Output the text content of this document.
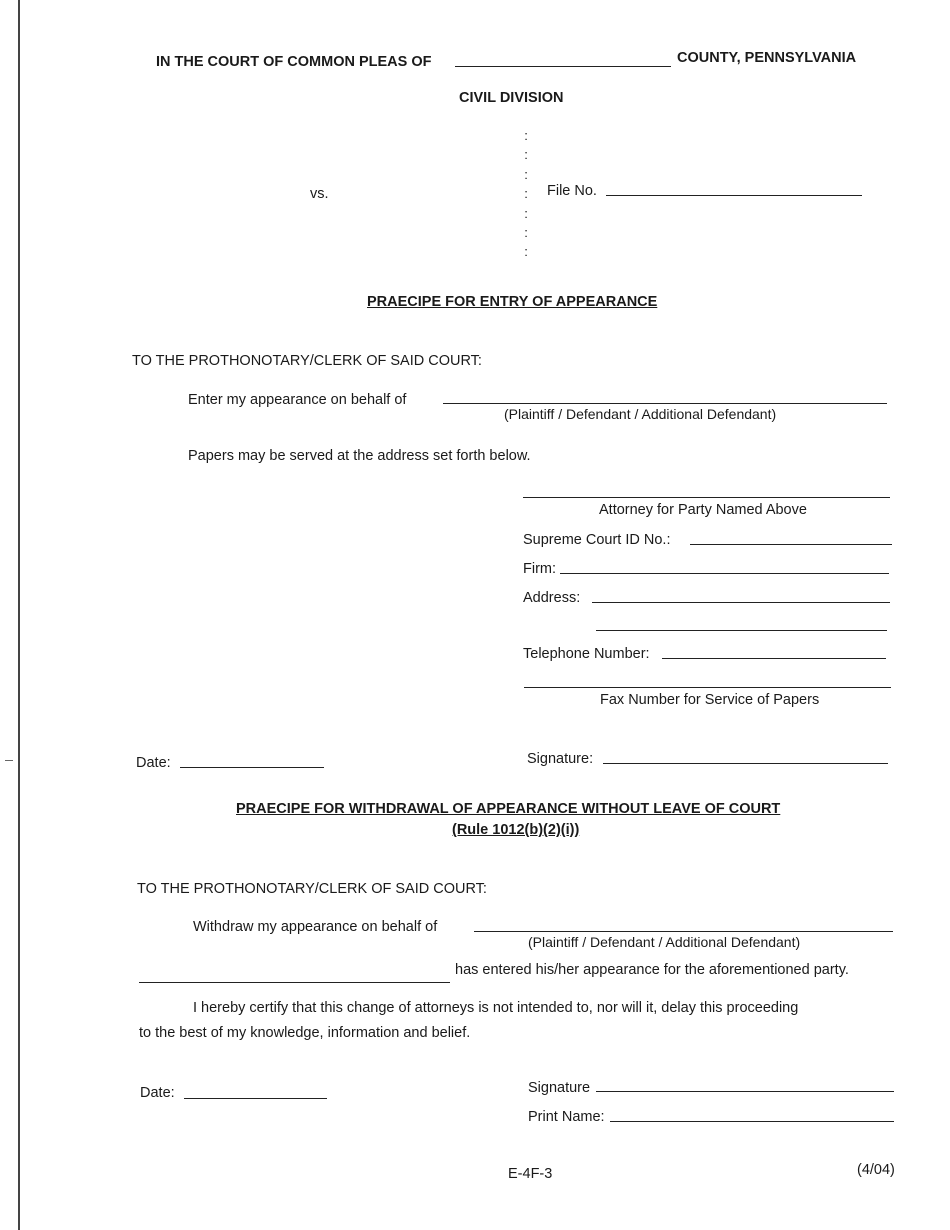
IN THE COURT OF COMMON PLEAS OF	COUNTY, PENNSYLVANIA
CIVIL DIVISION
:
:
:
:
:
:
:
vs.	File No.
PRAECIPE FOR ENTRY OF APPEARANCE
TO THE PROTHONOTARY/CLERK OF SAID COURT:
Enter my appearance on behalf of
(Plaintiff / Defendant / Additional Defendant)
Papers may be served at the address set forth below.
Attorney for Party Named Above
Supreme Court ID No.:
Firm:
Address:
Telephone Number:
Fax Number for Service of Papers
Date:	Signature:
PRAECIPE FOR WITHDRAWAL OF APPEARANCE WITHOUT LEAVE OF COURT
(Rule 1012(b)(2)(i))
TO THE PROTHONOTARY/CLERK OF SAID COURT:
Withdraw my appearance on behalf of
(Plaintiff / Defendant / Additional Defendant)
has entered his/her appearance for the aforementioned party.
I hereby certify that this change of attorneys is not intended to, nor will it, delay this proceeding
to the best of my knowledge, information and belief.
Date:	Signature
Print Name:
E-4F-3	(4/04)
